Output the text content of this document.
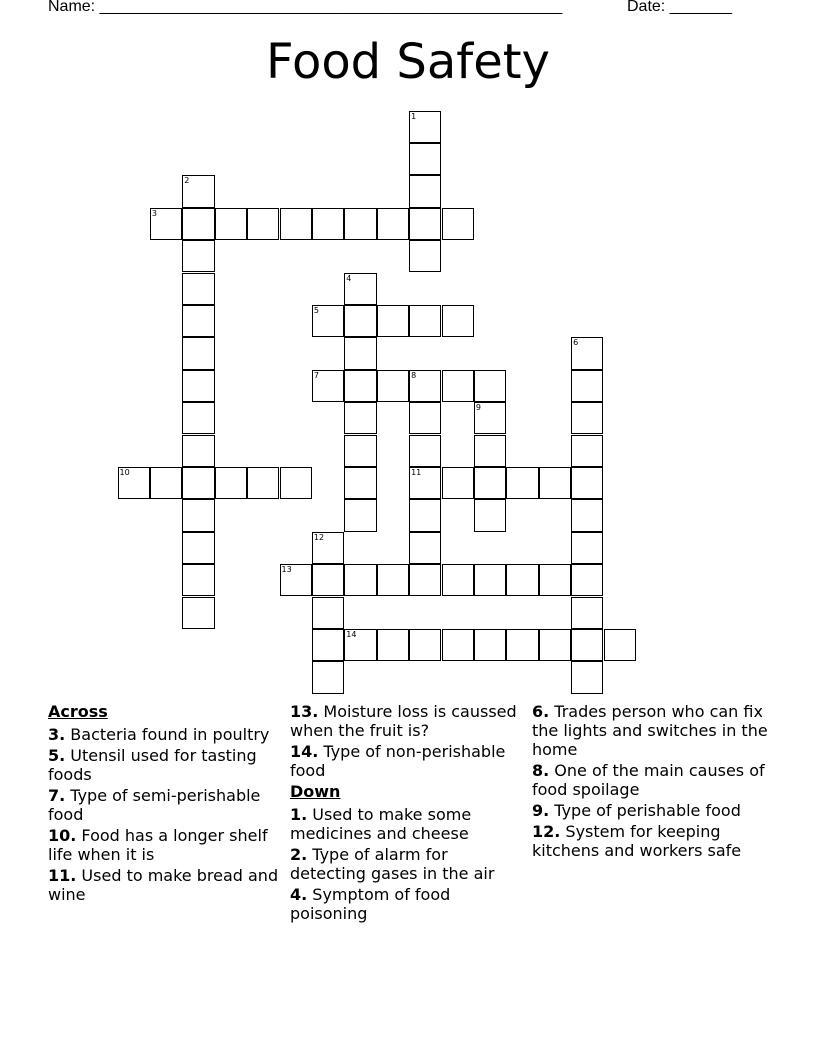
Name: ____________________________________________________	Date: _______
Food Safety
1
2
3
4
5
6
7	8
11
9
10
12
13
14
Across
3. Bacteria found in poultry
5. Utensil used for tasting foods
7. Type of semi-perishable food
10. Food has a longer shelf life when it is
11. Used to make bread and wine
13. Moisture loss is caussed when the fruit is?
14. Type of non-perishable food
Down
1. Used to make some medicines and cheese
2. Type of alarm for detecting gases in the air
4. Symptom of food poisoning
6. Trades person who can fix the lights and switches in the home
8. One of the main causes of food spoilage
9. Type of perishable food
12. System for keeping kitchens and workers safe
